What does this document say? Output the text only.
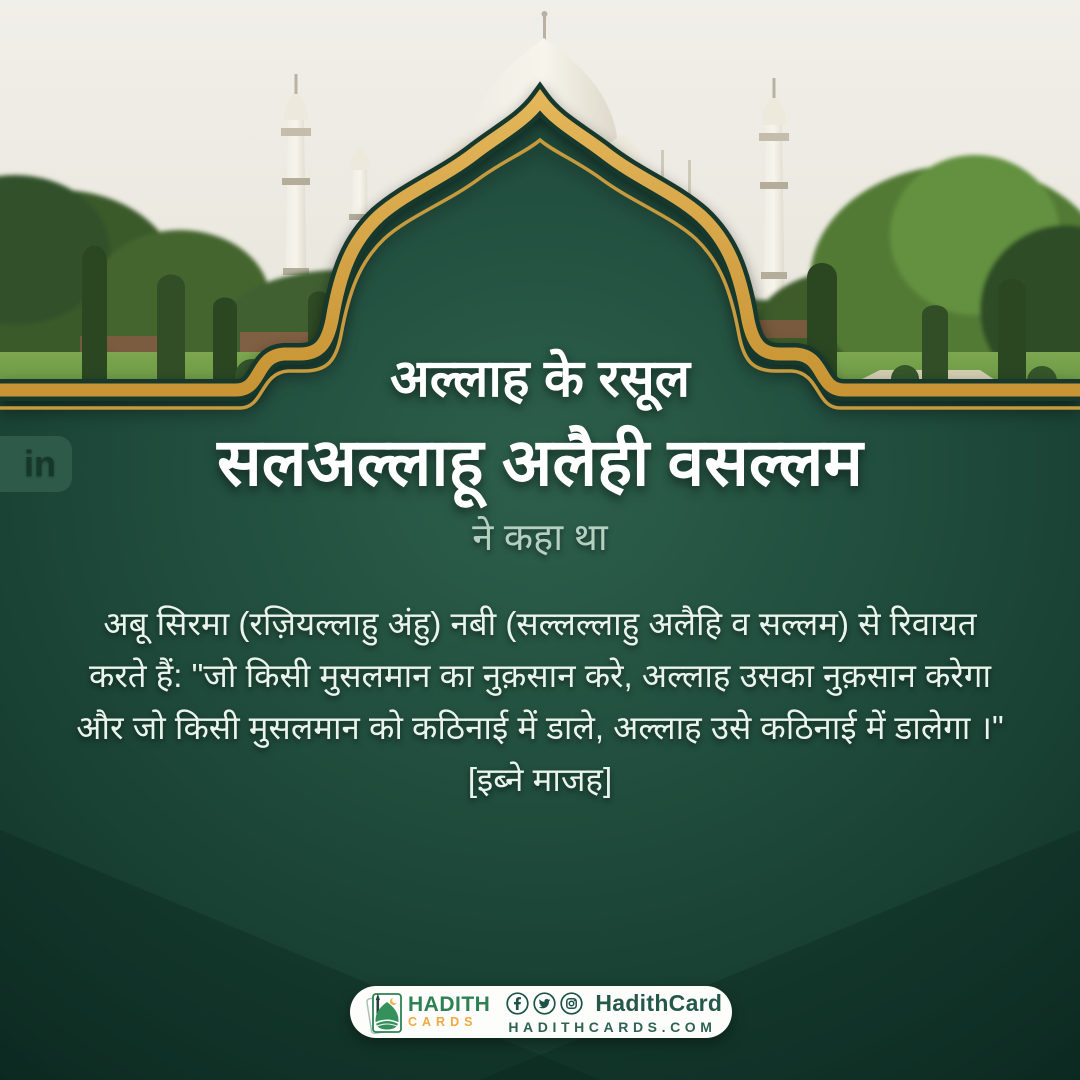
in
अल्लाह के रसूल
सलअल्लाहू अलैही वसल्लम
ने कहा था
अबू सिरमा (रज़ियल्लाहु अंहु) नबी (सल्लल्लाहु अलैहि व सल्लम) से रिवायत
करते हैं: "जो किसी मुसलमान का नुक़सान करे, अल्लाह उसका नुक़सान करेगा
और जो किसी मुसलमान को कठिनाई में डाले, अल्लाह उसे कठिनाई में डालेगा ।"
[इब्ने माजह]
HADITH
CARDS
HadithCard
HADITHCARDS.COM
